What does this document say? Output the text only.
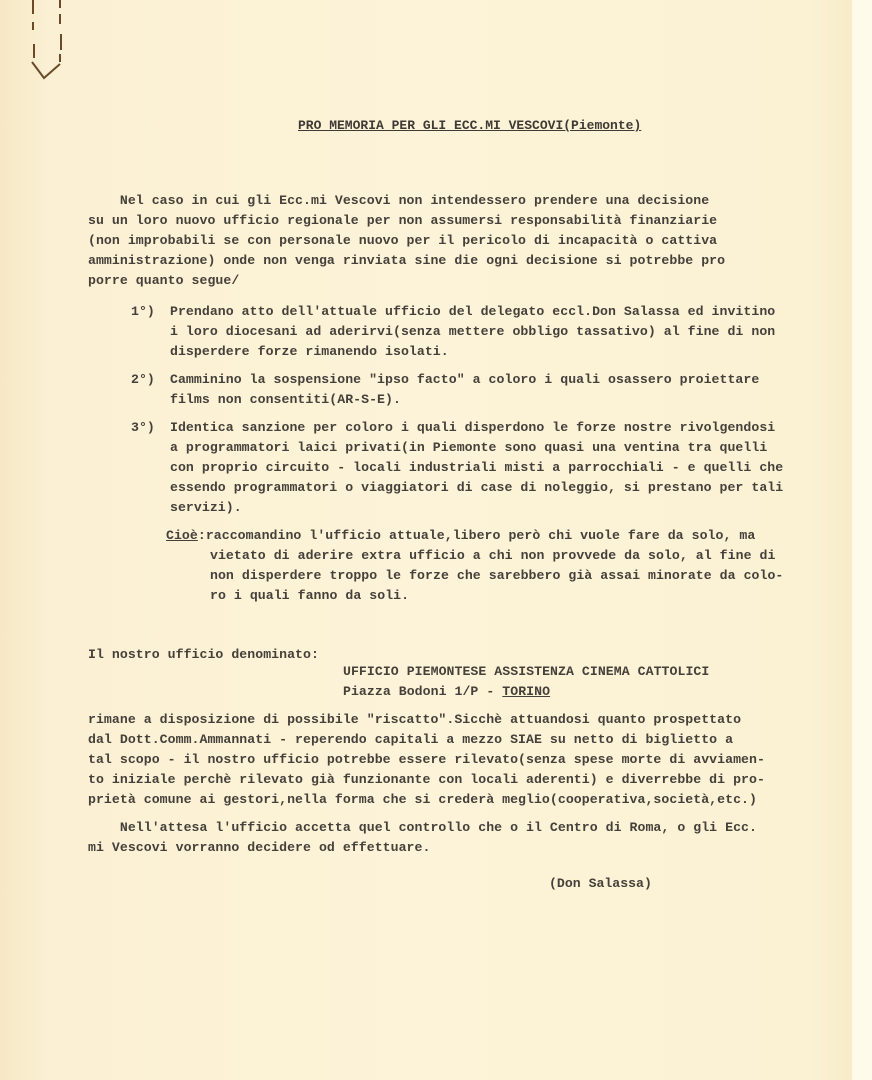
PRO MEMORIA PER GLI ECC.MI VESCOVI(Piemonte)
Nel caso in cui gli Ecc.mi Vescovi non intendessero prendere una decisione
su un loro nuovo ufficio regionale per non assumersi responsabilità finanziarie
(non improbabili se con personale nuovo per il pericolo di incapacità o cattiva
amministrazione) onde non venga rinviata sine die ogni decisione si potrebbe pro
porre quanto segue/
1°) Prendano atto dell'attuale ufficio del delegato eccl.Don Salassa ed invitino
i loro diocesani ad aderirvi(senza mettere obbligo tassativo) al fine di non
disperdere forze rimanendo isolati.
2°) Camminino la sospensione "ipso facto" a coloro i quali osassero proiettare
films non consentiti(AR-S-E).
3°) Identica sanzione per coloro i quali disperdono le forze nostre rivolgendosi
a programmatori laici privati(in Piemonte sono quasi una ventina tra quelli
con proprio circuito - locali industriali misti a parrocchiali - e quelli che
essendo programmatori o viaggiatori di case di noleggio, si prestano per tali
servizi).
Cioè:raccomandino l'ufficio attuale,libero però chi vuole fare da solo, ma
vietato di aderire extra ufficio a chi non provvede da solo, al fine di
non disperdere troppo le forze che sarebbero già assai minorate da colo-
ro i quali fanno da soli.
Il nostro ufficio denominato:
UFFICIO PIEMONTESE ASSISTENZA CINEMA CATTOLICI
Piazza Bodoni 1/P - TORINO
rimane a disposizione di possibile "riscatto".Sicchè attuandosi quanto prospettato
dal Dott.Comm.Ammannati - reperendo capitali a mezzo SIAE su netto di biglietto a
tal scopo - il nostro ufficio potrebbe essere rilevato(senza spese morte di avviamen-
to iniziale perchè rilevato già funzionante con locali aderenti) e diverrebbe di pro-
prietà comune ai gestori,nella forma che si crederà meglio(cooperativa,società,etc.)
Nell'attesa l'ufficio accetta quel controllo che o il Centro di Roma, o gli Ecc.
mi Vescovi vorranno decidere od effettuare.
(Don Salassa)
